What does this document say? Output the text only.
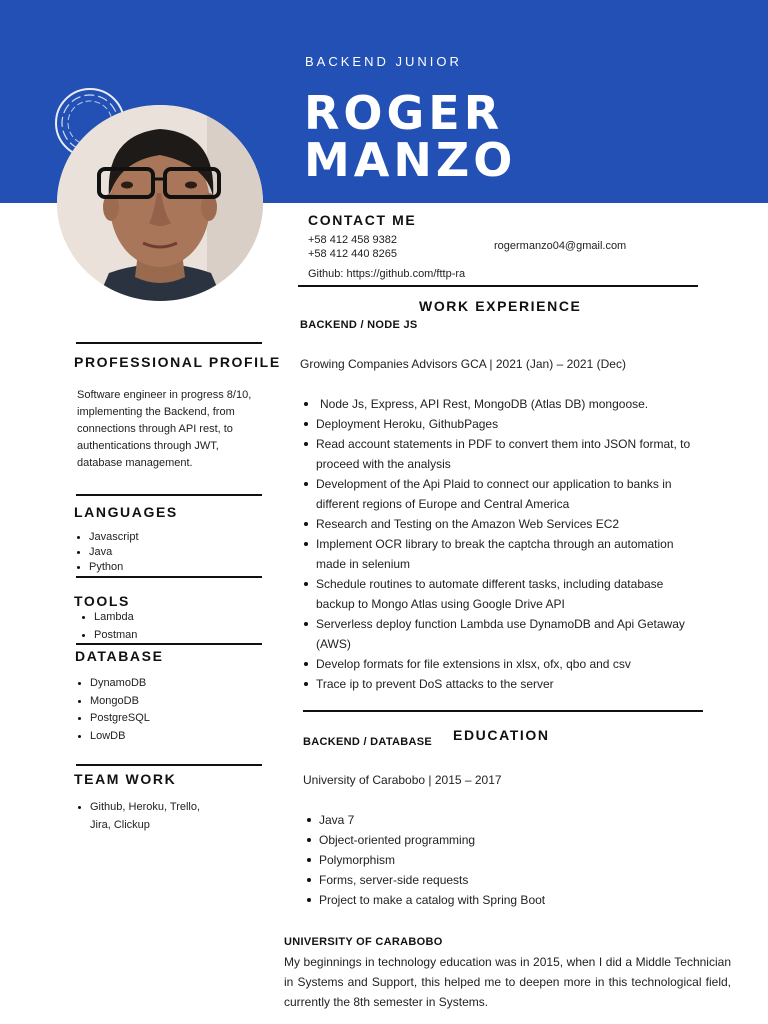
BACKEND JUNIOR
ROGER
MANZO
CONTACT ME
+58 412 458 9382
+58 412 440 8265
rogermanzo04@gmail.com
Github: https://github.com/fttp-ra
WORK EXPERIENCE
BACKEND / NODE JS
Growing Companies Advisors GCA | 2021 (Jan) – 2021 (Dec)
Node Js, Express, API Rest, MongoDB (Atlas DB) mongoose.
Deployment Heroku, GithubPages
Read account statements in PDF to convert them into JSON format, to proceed with the analysis
Development of the Api Plaid to connect our application to banks in different regions of Europe and Central America
Research and Testing on the Amazon Web Services EC2
Implement OCR library to break the captcha through an automation made in selenium
Schedule routines to automate different tasks, including database backup to Mongo Atlas using Google Drive API
Serverless deploy function Lambda use DynamoDB and Api Getaway (AWS)
Develop formats for file extensions in xlsx, ofx, qbo and csv
Trace ip to prevent DoS attacks to the server
BACKEND / DATABASE EDUCATION
University of Carabobo | 2015 – 2017
Java 7
Object-oriented programming
Polymorphism
Forms, server-side requests
Project to make a catalog with Spring Boot
UNIVERSITY OF CARABOBO
My beginnings in technology education was in 2015, when I did a Middle Technician in Systems and Support, this helped me to deepen more in this technological field, currently the 8th semester in Systems.
PROFESSIONAL PROFILE
Software engineer in progress 8/10, implementing the Backend, from connections through API rest, to authentications through JWT, database management.
LANGUAGES
Javascript
Java
Python
TOOLS
Lambda
Postman
DATABASE
DynamoDB
MongoDB
PostgreSQL
LowDB
TEAM WORK
Github, Heroku, Trello, Jira, Clickup
